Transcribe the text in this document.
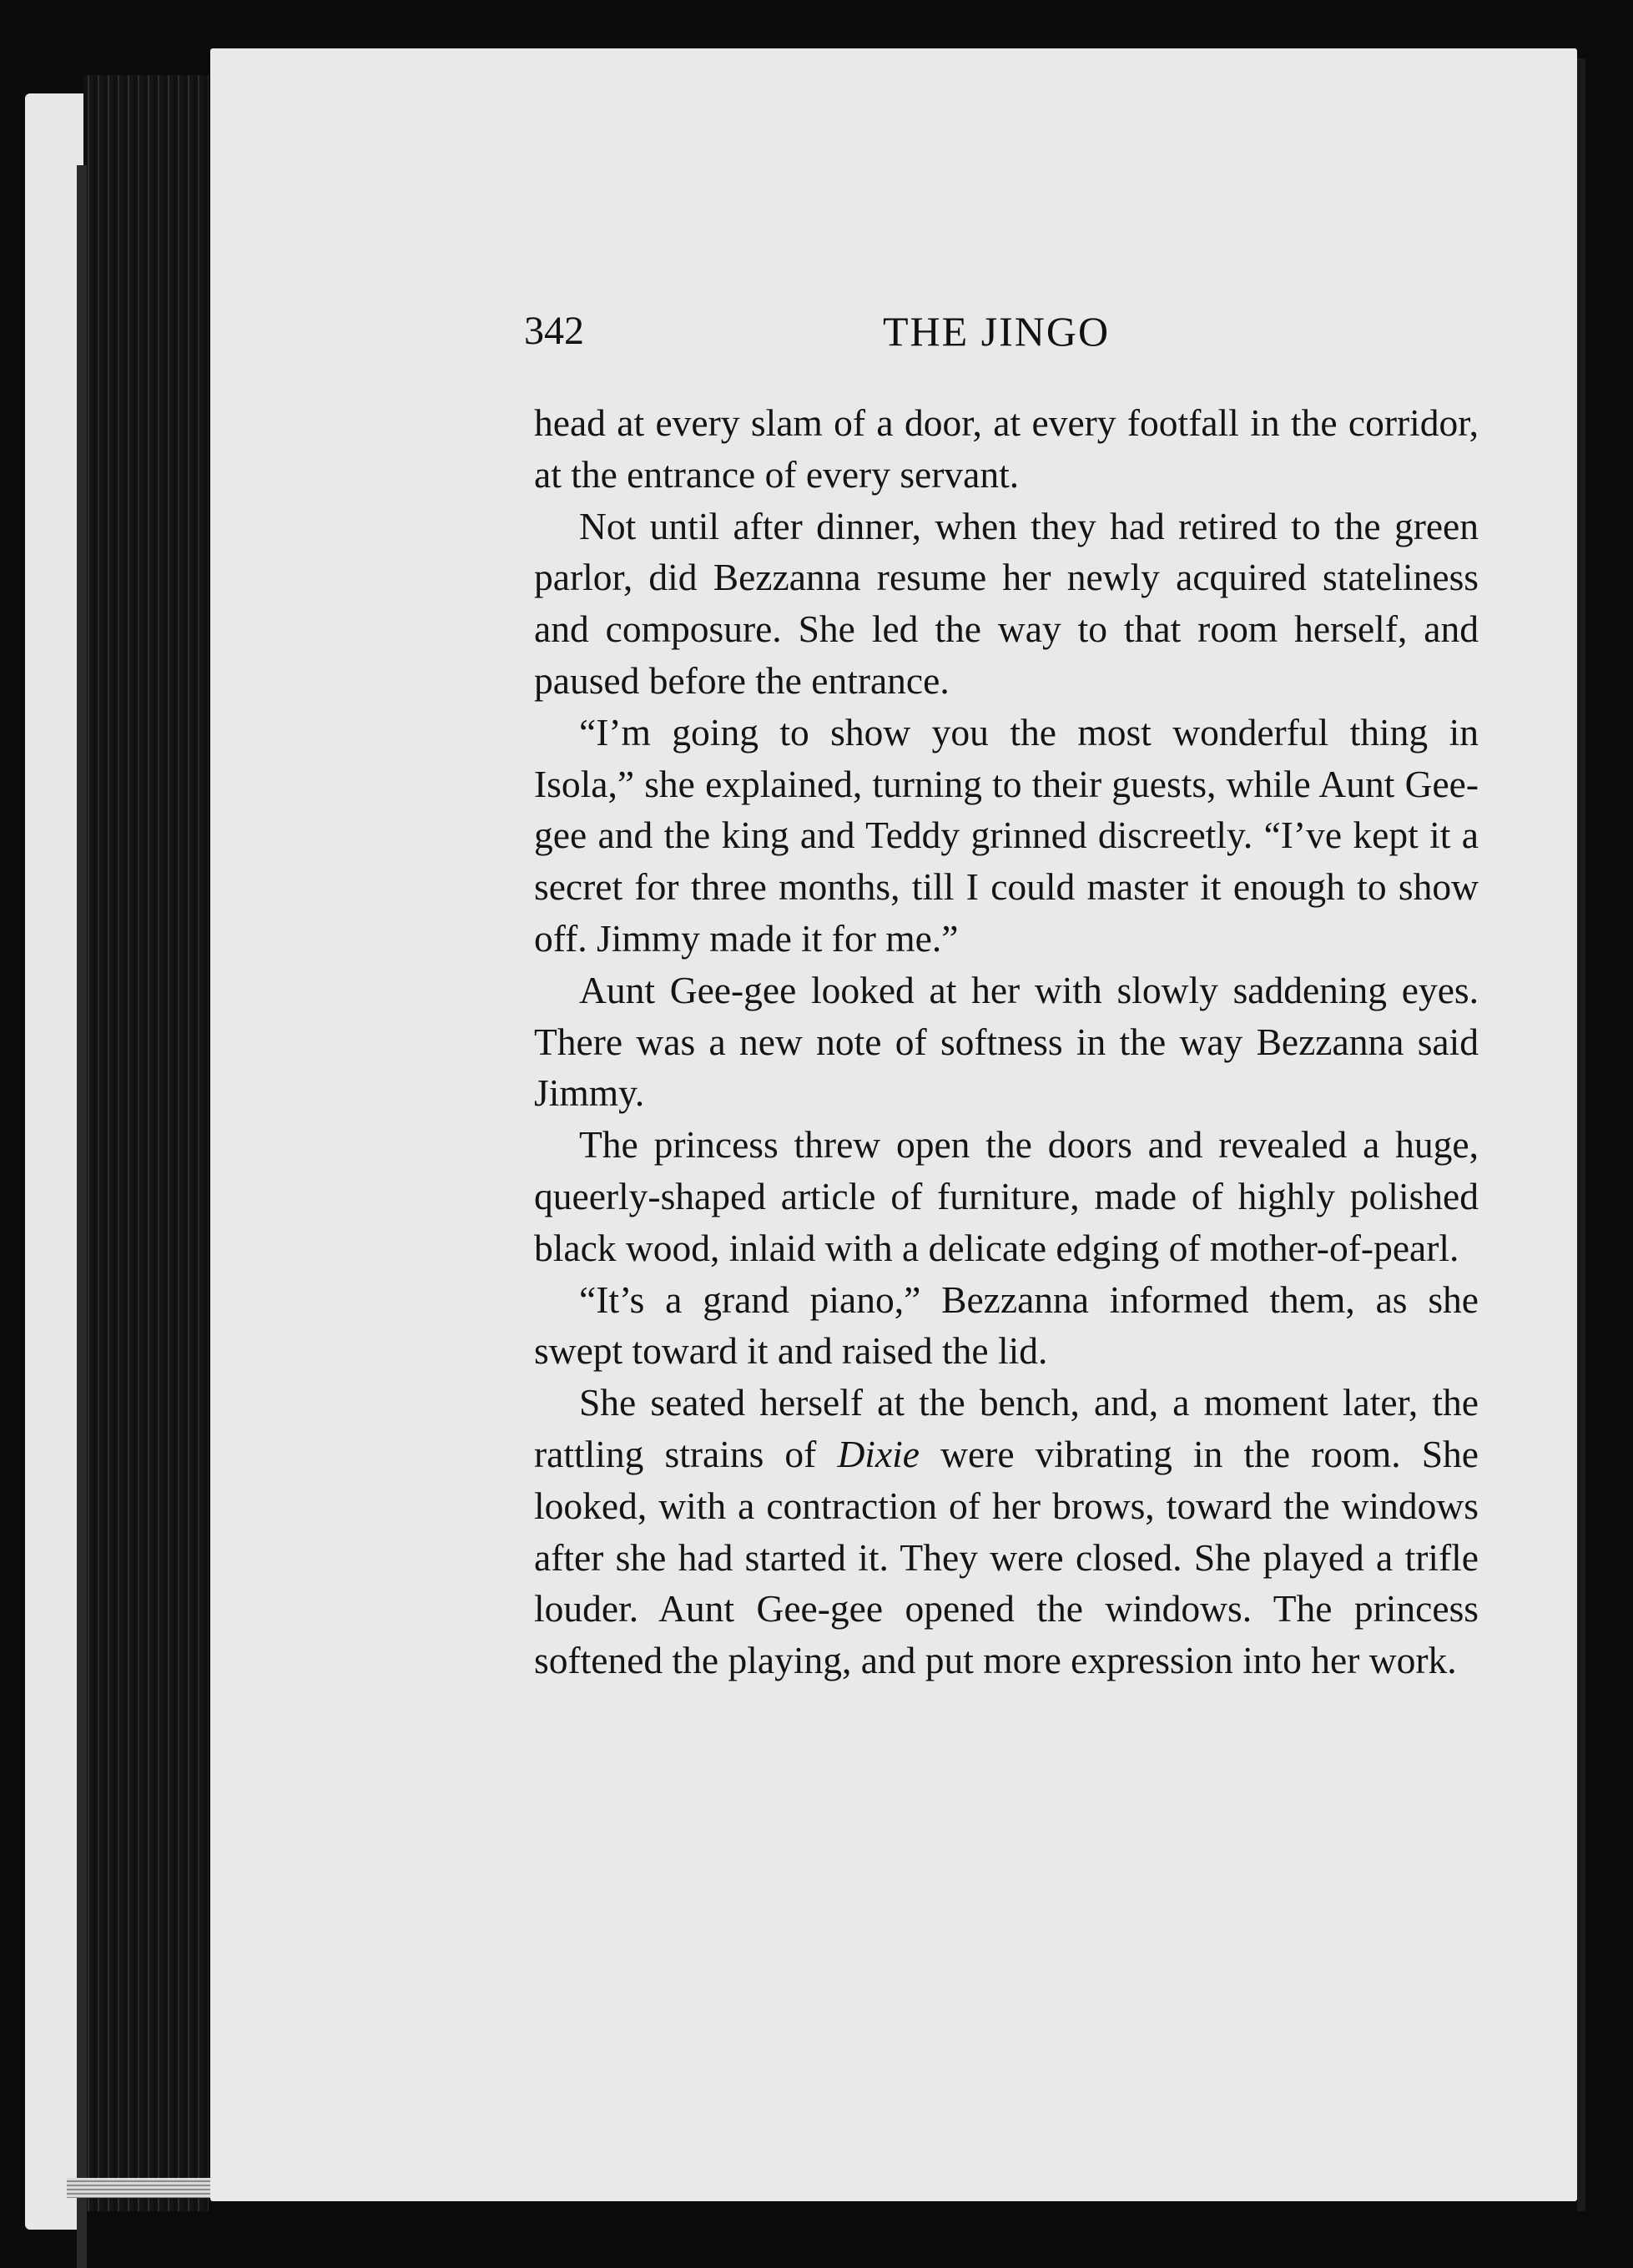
342	THE JINGO

head at every slam of a door, at every footfall in the corridor, at the entrance of every servant.

Not until after dinner, when they had retired to the green parlor, did Bezzanna resume her newly acquired stateliness and composure. She led the way to that room herself, and paused before the entrance.

“I’m going to show you the most wonderful thing in Isola,” she explained, turning to their guests, while Aunt Gee-gee and the king and Teddy grinned discreetly. “I’ve kept it a secret for three months, till I could master it enough to show off. Jimmy made it for me.”

Aunt Gee-gee looked at her with slowly saddening eyes. There was a new note of softness in the way Bezzanna said Jimmy.

The princess threw open the doors and revealed a huge, queerly-shaped article of furniture, made of highly polished black wood, inlaid with a delicate edging of mother-of-pearl.

“It’s a grand piano,” Bezzanna informed them, as she swept toward it and raised the lid.

She seated herself at the bench, and, a moment later, the rattling strains of Dixie were vibrating in the room. She looked, with a contraction of her brows, toward the windows after she had started it. They were closed. She played a trifle louder. Aunt Gee-gee opened the windows. The princess softened the playing, and put more expression into her work.
